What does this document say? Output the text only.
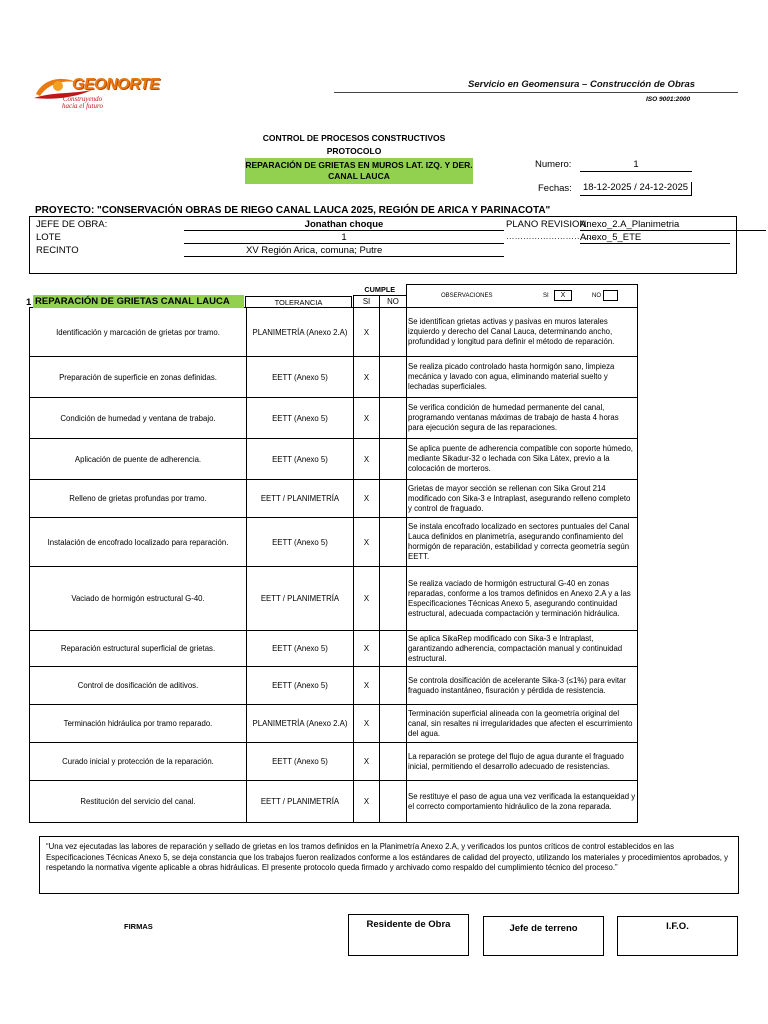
GEONORTE
Construyendo
hacia el futuro
Servicio en Geomensura – Construcción de Obras
ISO 9001:2000
CONTROL DE PROCESOS CONSTRUCTIVOS
PROTOCOLO
REPARACIÓN DE GRIETAS EN MUROS LAT. IZQ. Y DER. CANAL LAUCA
Numero:	1
Fechas:	18-12-2025 / 24-12-2025
PROYECTO: "CONSERVACIÓN OBRAS DE RIEGO CANAL LAUCA 2025, REGIÓN DE ARICA Y PARINACOTA"
JEFE DE OBRA:	Jonathan choque
LOTE	1
RECINTO	XV Región Arica, comuna; Putre
PLANO REVISION:
……………………………
Anexo_2.A_Planimetria
Anexo_5_ETE
		CUMPLE		OBSERVACIONES SI X NO	

		SI	NO		
Identificación y marcación de grietas por tramo.	PLANIMETRÍA (Anexo 2.A)	X		Se identifican grietas activas y pasivas en muros laterales izquierdo y derecho del Canal Lauca, determinando ancho, profundidad y longitud para definir el método de reparación.	
Preparación de superficie en zonas definidas.	EETT (Anexo 5)	X		Se realiza picado controlado hasta hormigón sano, limpieza mecánica y lavado con agua, eliminando material suelto y lechadas superficiales.	
Condición de humedad y ventana de trabajo.	EETT (Anexo 5)	X		Se verifica condición de humedad permanente del canal, programando ventanas máximas de trabajo de hasta 4 horas para ejecución segura de las reparaciones.	
Aplicación de puente de adherencia.	EETT (Anexo 5)	X		Se aplica puente de adherencia compatible con soporte húmedo, mediante Sikadur-32 o lechada con Sika Látex, previo a la colocación de morteros.	
Relleno de grietas profundas por tramo.	EETT / PLANIMETRÍA	X		Grietas de mayor sección se rellenan con Sika Grout 214 modificado con Sika-3 e Intraplast, asegurando relleno completo y control de fraguado.	
Instalación de encofrado localizado para reparación.	EETT (Anexo 5)	X		Se instala encofrado localizado en sectores puntuales del Canal Lauca definidos en planimetría, asegurando confinamiento del hormigón de reparación, estabilidad y correcta geometría según EETT.	
Vaciado de hormigón estructural G-40.	EETT / PLANIMETRÍA	X		Se realiza vaciado de hormigón estructural G-40 en zonas reparadas, conforme a los tramos definidos en Anexo 2.A y a las Especificaciones Técnicas Anexo 5, asegurando continuidad estructural, adecuada compactación y terminación hidráulica.	
Reparación estructural superficial de grietas.	EETT (Anexo 5)	X		Se aplica SikaRep modificado con Sika-3 e Intraplast, garantizando adherencia, compactación manual y continuidad estructural.	
Control de dosificación de aditivos.	EETT (Anexo 5)	X		Se controla dosificación de acelerante Sika-3 (≤1%) para evitar fraguado instantáneo, fisuración y pérdida de resistencia.	
Terminación hidráulica por tramo reparado.	PLANIMETRÍA (Anexo 2.A)	X		Terminación superficial alineada con la geometría original del canal, sin resaltes ni irregularidades que afecten el escurrimiento del agua.	
Curado inicial y protección de la reparación.	EETT (Anexo 5)	X		La reparación se protege del flujo de agua durante el fraguado inicial, permitiendo el desarrollo adecuado de resistencias.	
Restitución del servicio del canal.	EETT / PLANIMETRÍA	X		Se restituye el paso de agua una vez verificada la estanqueidad y el correcto comportamiento hidráulico de la zona reparada.	
1 REPARACIÓN DE GRIETAS CANAL LAUCA	TOLERANCIA
“Una vez ejecutadas las labores de reparación y sellado de grietas en los tramos definidos en la Planimetría Anexo 2.A, y verificados los puntos críticos de control establecidos en las Especificaciones Técnicas Anexo 5, se deja constancia que los trabajos fueron realizados conforme a los estándares de calidad del proyecto, utilizando los materiales y procedimientos aprobados, y respetando la normativa vigente aplicable a obras hidráulicas. El presente protocolo queda firmado y archivado como respaldo del cumplimiento técnico del proceso.”
FIRMAS	Residente de Obra	Jefe de terreno	I.F.O.
